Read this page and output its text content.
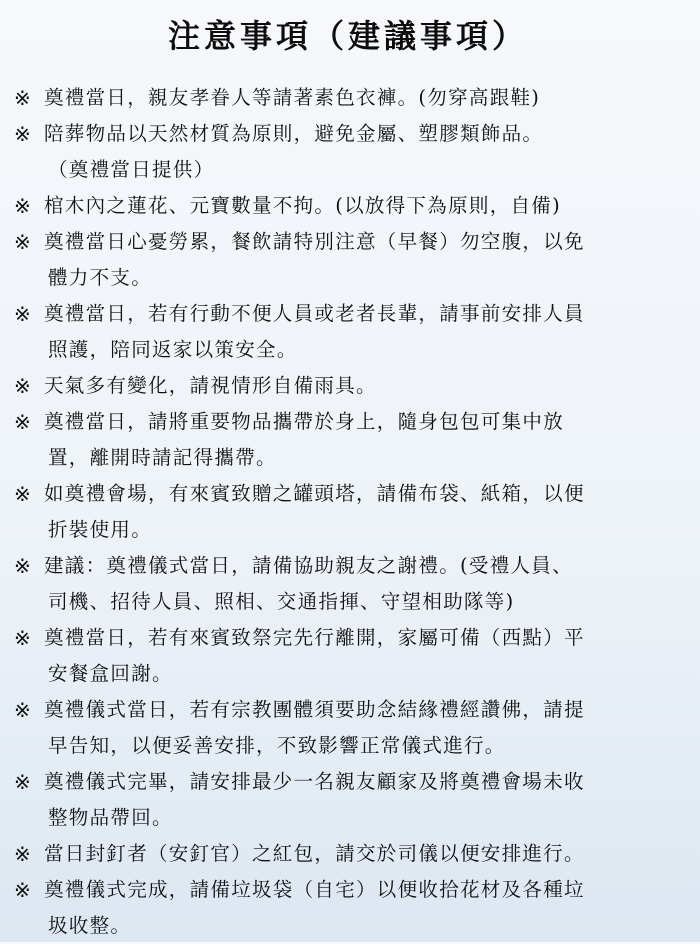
注意事項（建議事項）
※ 奠禮當日，親友孝眷人等請著素色衣褲。(勿穿高跟鞋)
※ 陪葬物品以天然材質為原則，避免金屬、塑膠類飾品。
（奠禮當日提供）
※ 棺木內之蓮花、元寶數量不拘。(以放得下為原則，自備)
※ 奠禮當日心憂勞累，餐飲請特別注意（早餐）勿空腹，以免
體力不支。
※ 奠禮當日，若有行動不便人員或老者長輩，請事前安排人員
照護，陪同返家以策安全。
※ 天氣多有變化，請視情形自備雨具。
※ 奠禮當日，請將重要物品攜帶於身上，隨身包包可集中放
置，離開時請記得攜帶。
※ 如奠禮會場，有來賓致贈之罐頭塔，請備布袋、紙箱，以便
折裝使用。
※ 建議：奠禮儀式當日，請備協助親友之謝禮。(受禮人員、
司機、招待人員、照相、交通指揮、守望相助隊等)
※ 奠禮當日，若有來賓致祭完先行離開，家屬可備（西點）平
安餐盒回謝。
※ 奠禮儀式當日，若有宗教團體須要助念結緣禮經讚佛，請提
早告知，以便妥善安排，不致影響正常儀式進行。
※ 奠禮儀式完畢，請安排最少一名親友顧家及將奠禮會場未收
整物品帶回。
※ 當日封釘者（安釘官）之紅包，請交於司儀以便安排進行。
※ 奠禮儀式完成，請備垃圾袋（自宅）以便收拾花材及各種垃
圾收整。
